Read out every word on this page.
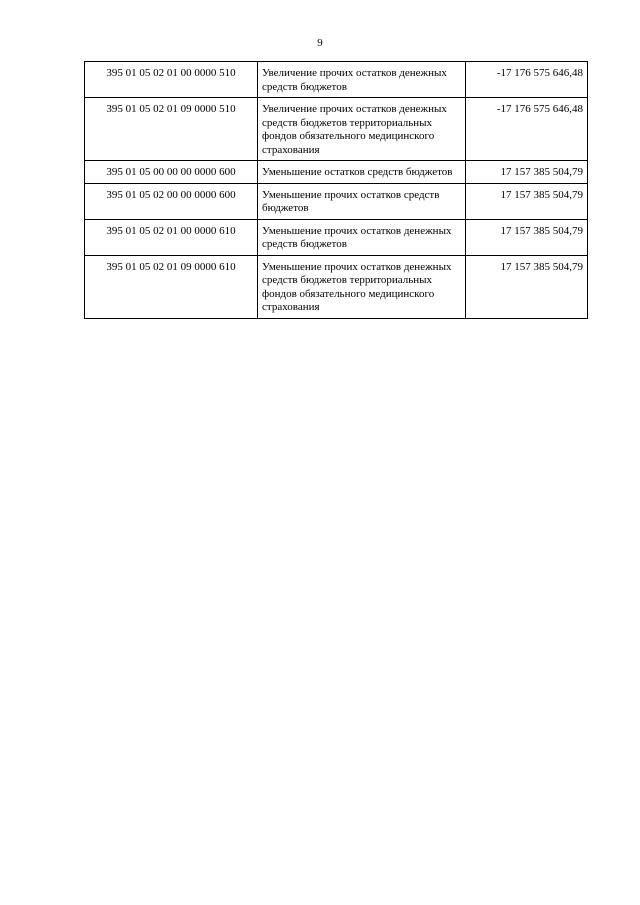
9
395 01 05 02 01 00 0000 510	Увеличение прочих остатков денежных средств бюджетов	-17 176 575 646,48
395 01 05 02 01 09 0000 510	Увеличение прочих остатков денежных средств бюджетов территориальных фондов обязательного медицинского страхования	-17 176 575 646,48
395 01 05 00 00 00 0000 600	Уменьшение остатков средств бюджетов	17 157 385 504,79
395 01 05 02 00 00 0000 600	Уменьшение прочих остатков средств бюджетов	17 157 385 504,79
395 01 05 02 01 00 0000 610	Уменьшение прочих остатков денежных средств бюджетов	17 157 385 504,79
395 01 05 02 01 09 0000 610	Уменьшение прочих остатков денежных средств бюджетов территориальных фондов обязательного медицинского страхования	17 157 385 504,79
